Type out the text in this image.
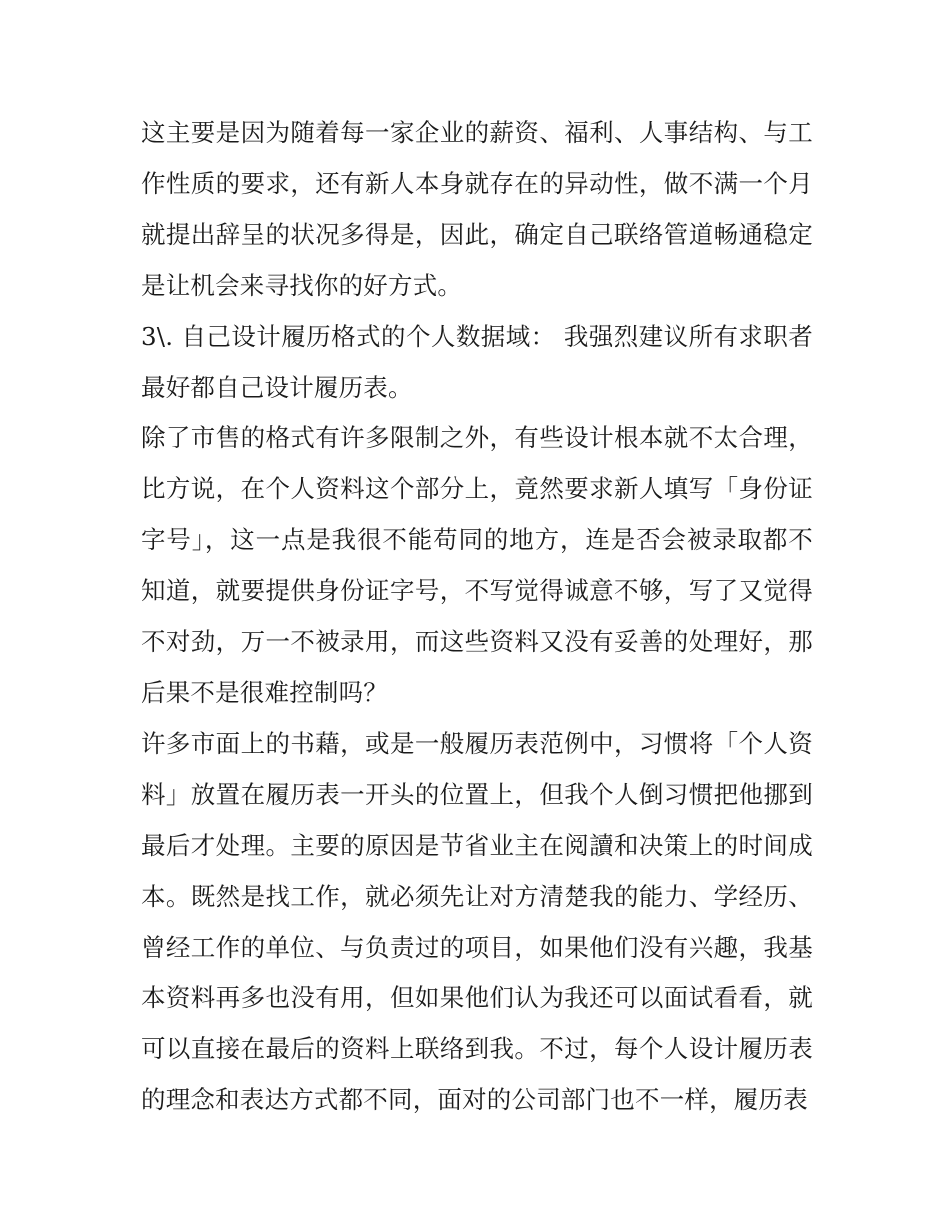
这主要是因为随着每一家企业的薪资、福利、人事结构、与工作性质的要求，还有新人本身就存在的异动性，做不满一个月就提出辞呈的状况多得是，因此，确定自己联络管道畅通稳定是让机会来寻找你的好方式。

3\. 自己设计履历格式的个人数据域： 我强烈建议所有求职者最好都自己设计履历表。

除了市售的格式有许多限制之外，有些设计根本就不太合理，比方说，在个人资料这个部分上，竟然要求新人填写「身份证字号」，这一点是我很不能苟同的地方，连是否会被录取都不知道，就要提供身份证字号，不写觉得诚意不够，写了又觉得不对劲，万一不被录用，而这些资料又没有妥善的处理好，那后果不是很难控制吗？

许多市面上的书藉，或是一般履历表范例中，习惯将「个人资料」放置在履历表一开头的位置上，但我个人倒习惯把他挪到最后才处理。主要的原因是节省业主在阅讀和决策上的时间成本。既然是找工作，就必须先让对方清楚我的能力、学经历、曾经工作的单位、与负责过的项目，如果他们没有兴趣，我基本资料再多也没有用，但如果他们认为我还可以面试看看，就可以直接在最后的资料上联络到我。不过，每个人设计履历表的理念和表达方式都不同，面对的公司部门也不一样，履历表
